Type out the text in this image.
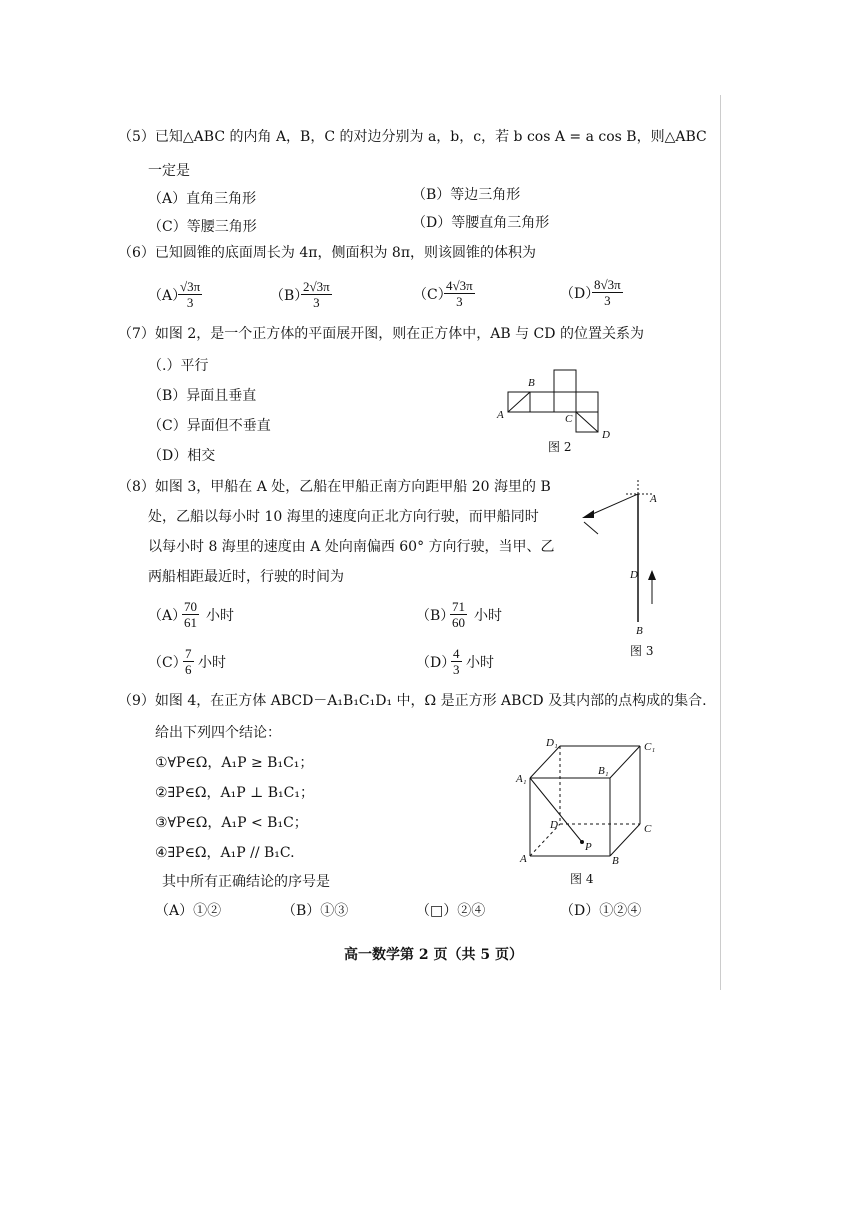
（5）已知△ABC 的内角 A，B，C 的对边分别为 a，b，c，若 b cos A = a cos B，则△ABC
一定是
（A）直角三角形	（B）等边三角形
（C）等腰三角形	（D）等腰直角三角形
（6）已知圆锥的底面周长为 4π，侧面积为 8π，则该圆锥的体积为
（A）
$\frac{√3\pi}{3}$	（B）
$\frac{2√3\pi}{3}$	（C）
$\frac{4√3\pi}{3}$	（D）
$\frac{8√3\pi}{3}$
（7）如图 2，是一个正方体的平面展开图，则在正方体中，AB 与 CD 的位置关系为
（.）平行
（B）异面且垂直
（C）异面但不垂直
（D）相交
B
A	C
D
图 2
（8）如图 3，甲船在 A 处，乙船在甲船正南方向距甲船 20 海里的 B
处，乙船以每小时 10 海里的速度向正北方向行驶，而甲船同时
以每小时 8 海里的速度由 A 处向南偏西 60° 方向行驶，当甲、乙
两船相距最近时，行驶的时间为
（A）
$\frac{70}{61}$ 小时	（B）
$\frac{71}{60}$ 小时
（C）
$\frac{7}{6}$ 小时	（D）
$\frac{4}{3}$ 小时
A
D
B
图 3
（9）如图 4，在正方体 ABCD－A₁B₁C₁D₁ 中，Ω 是正方形 ABCD 及其内部的点构成的集合.
给出下列四个结论：
①∀P∈Ω，A₁P ≥ B₁C₁；
②∃P∈Ω，A₁P ⊥ B₁C₁；
③∀P∈Ω，A₁P < B₁C；
④∃P∈Ω，A₁P // B₁C.
其中所有正确结论的序号是
（A）①②	（B）①③	（□）②④	（D）①②④
D₁	C₁
A₁
B₁
D	C
A	B
P
图 4
高一数学第 2 页（共 5 页）
